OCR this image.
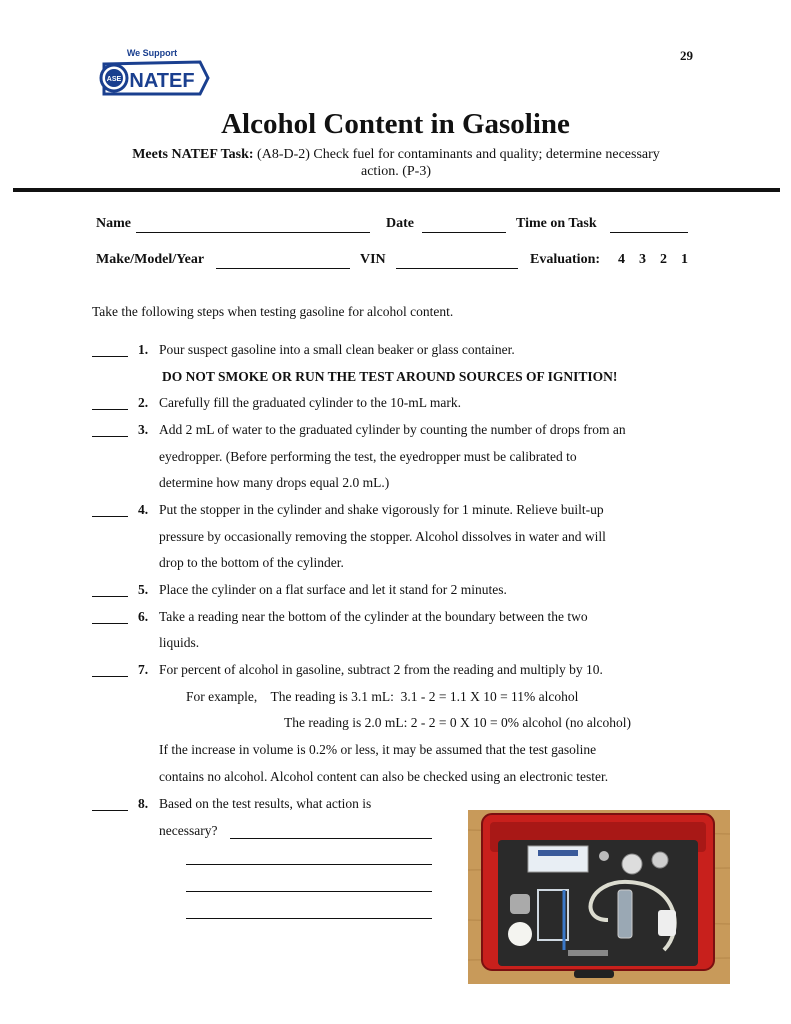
29
ASE
We Support
NATEF
Alcohol Content in Gasoline
Meets NATEF Task: (A8-D-2) Check fuel for contaminants and quality; determine necessary
action. (P-3)
Name	Date	Time on Task
Make/Model/Year	VIN	Evaluation: 4    3    2    1
Take the following steps when testing gasoline for alcohol content.
1. Pour suspect gasoline into a small clean beaker or glass container.
DO NOT SMOKE OR RUN THE TEST AROUND SOURCES OF IGNITION!
2. Carefully fill the graduated cylinder to the 10-mL mark.
3. Add 2 mL of water to the graduated cylinder by counting the number of drops from an
eyedropper. (Before performing the test, the eyedropper must be calibrated to
determine how many drops equal 2.0 mL.)
4. Put the stopper in the cylinder and shake vigorously for 1 minute. Relieve built-up
pressure by occasionally removing the stopper. Alcohol dissolves in water and will
drop to the bottom of the cylinder.
5. Place the cylinder on a flat surface and let it stand for 2 minutes.
6. Take a reading near the bottom of the cylinder at the boundary between the two
liquids.
7. For percent of alcohol in gasoline, subtract 2 from the reading and multiply by 10.
For example,    The reading is 3.1 mL:  3.1 - 2 = 1.1 X 10 = 11% alcohol
The reading is 2.0 mL: 2 - 2 = 0 X 10 = 0% alcohol (no alcohol)
If the increase in volume is 0.2% or less, it may be assumed that the test gasoline
contains no alcohol. Alcohol content can also be checked using an electronic tester.
8. Based on the test results, what action is
necessary?
